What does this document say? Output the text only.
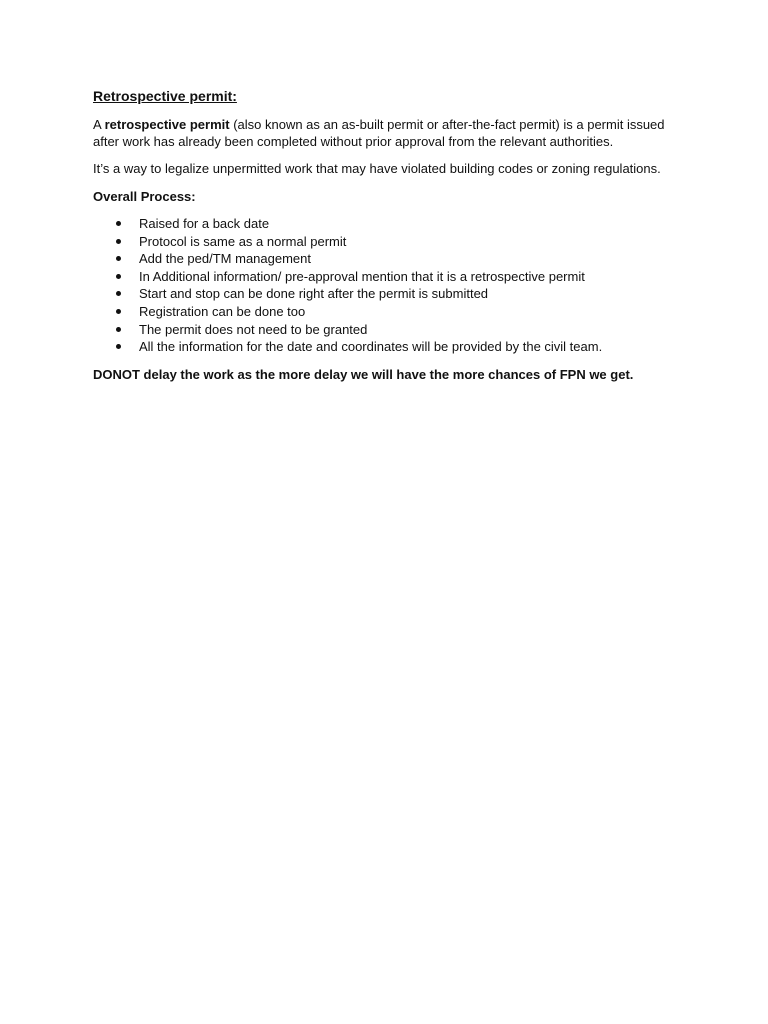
Retrospective permit:

A retrospective permit (also known as an as-built permit or after-the-fact permit) is a permit issued after work has already been completed without prior approval from the relevant authorities.

It’s a way to legalize unpermitted work that may have violated building codes or zoning regulations.

Overall Process:
Raised for a back date
Protocol is same as a normal permit
Add the ped/TM management
In Additional information/ pre-approval mention that it is a retrospective permit
Start and stop can be done right after the permit is submitted
Registration can be done too
The permit does not need to be granted
All the information for the date and coordinates will be provided by the civil team.

DONOT delay the work as the more delay we will have the more chances of FPN we get.
